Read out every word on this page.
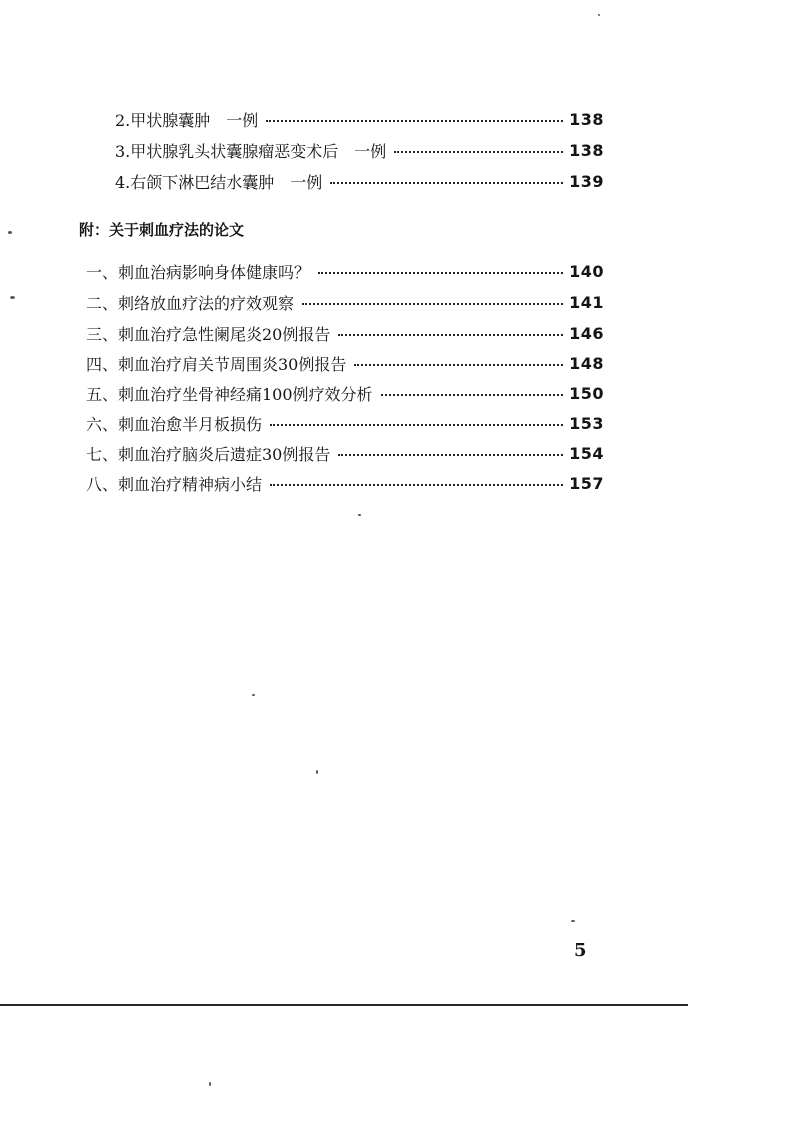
2.甲状腺囊肿　一例	138
3.甲状腺乳头状囊腺瘤恶变术后　一例	138
4.右颌下淋巴结水囊肿　一例	139
附：关于刺血疗法的论文
一、刺血治病影响身体健康吗？	140
二、刺络放血疗法的疗效观察	141
三、刺血治疗急性阑尾炎20例报告	146
四、刺血治疗肩关节周围炎30例报告	148
五、刺血治疗坐骨神经痛100例疗效分析	150
六、刺血治愈半月板损伤	153
七、刺血治疗脑炎后遗症30例报告	154
八、刺血治疗精神病小结	157
5
